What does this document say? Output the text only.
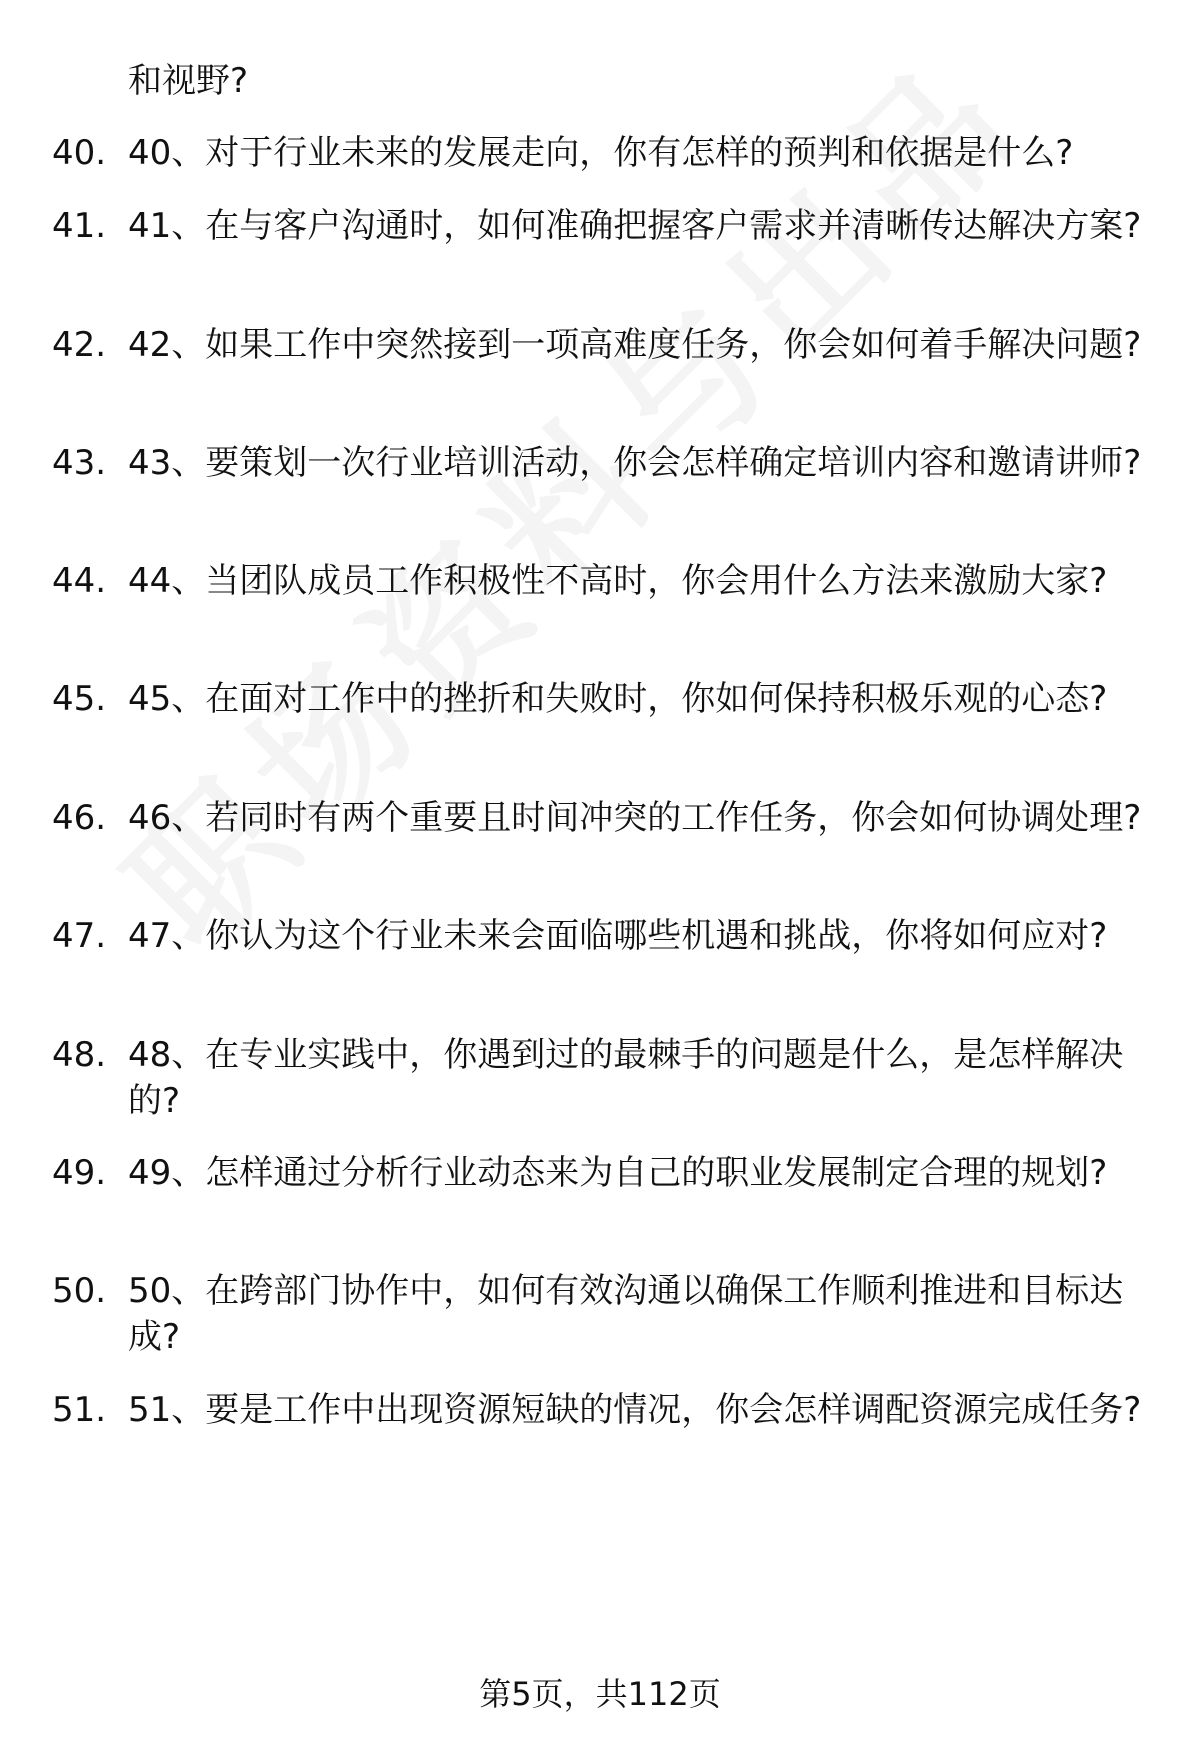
和视野?
40. 40、对于行业未来的发展走向，你有怎样的预判和依据是什么?
41. 41、在与客户沟通时，如何准确把握客户需求并清晰传达解决方案?
42. 42、如果工作中突然接到一项高难度任务，你会如何着手解决问题?
43. 43、要策划一次行业培训活动，你会怎样确定培训内容和邀请讲师?
44. 44、当团队成员工作积极性不高时，你会用什么方法来激励大家?
45. 45、在面对工作中的挫折和失败时，你如何保持积极乐观的心态?
46. 46、若同时有两个重要且时间冲突的工作任务，你会如何协调处理?
47. 47、你认为这个行业未来会面临哪些机遇和挑战，你将如何应对?
48. 48、在专业实践中，你遇到过的最棘手的问题是什么，是怎样解决的?
49. 49、怎样通过分析行业动态来为自己的职业发展制定合理的规划?
50. 50、在跨部门协作中，如何有效沟通以确保工作顺利推进和目标达成?
51. 51、要是工作中出现资源短缺的情况，你会怎样调配资源完成任务?
第5页，共112页
